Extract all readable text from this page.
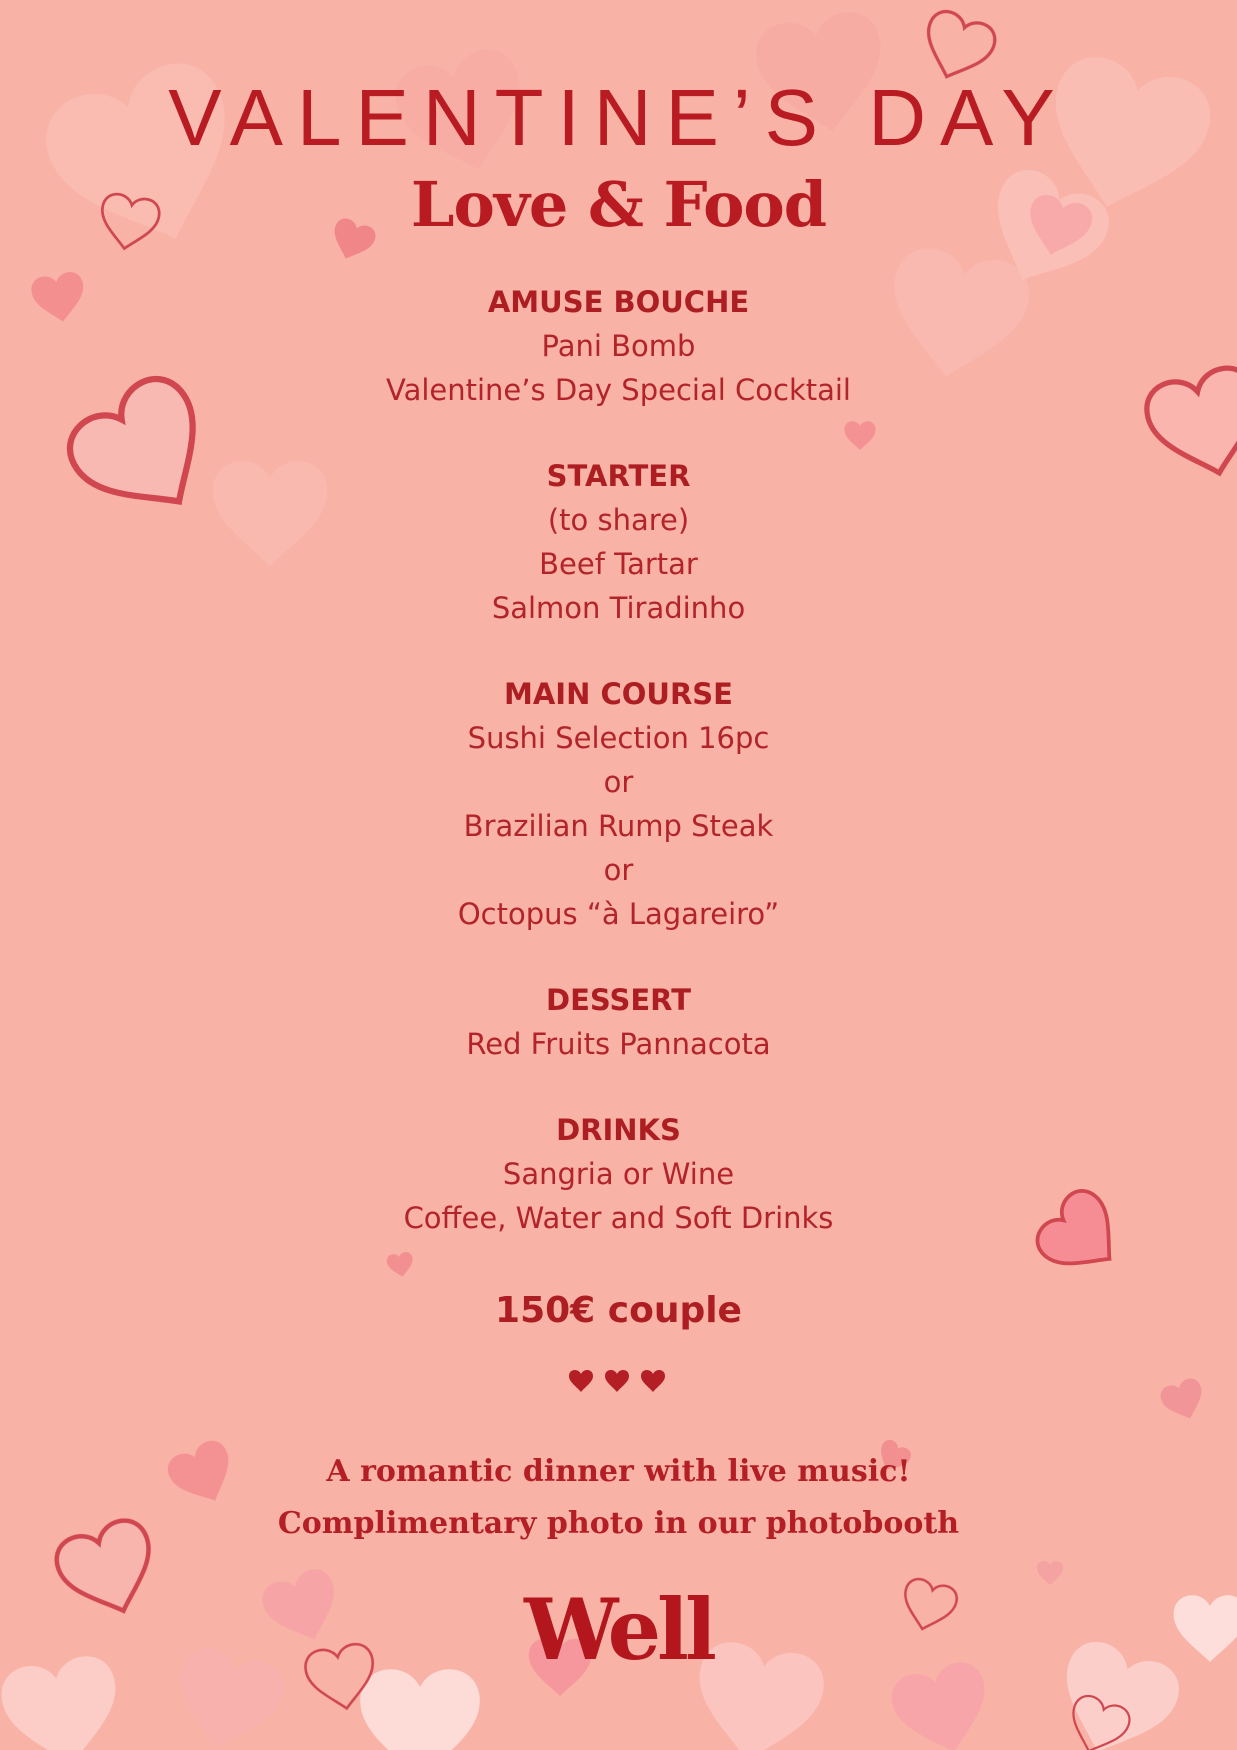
VALENTINE’S DAY
Love & Food
AMUSE BOUCHE
Pani Bomb
Valentine’s Day Special Cocktail
STARTER
(to share)
Beef Tartar
Salmon Tiradinho
MAIN COURSE
Sushi Selection 16pc
or
Brazilian Rump Steak
or
Octopus “à Lagareiro”
DESSERT
Red Fruits Pannacota
DRINKS
Sangria or Wine
Coffee, Water and Soft Drinks
150€ couple
A romantic dinner with live music!
Complimentary photo in our photobooth
Well
